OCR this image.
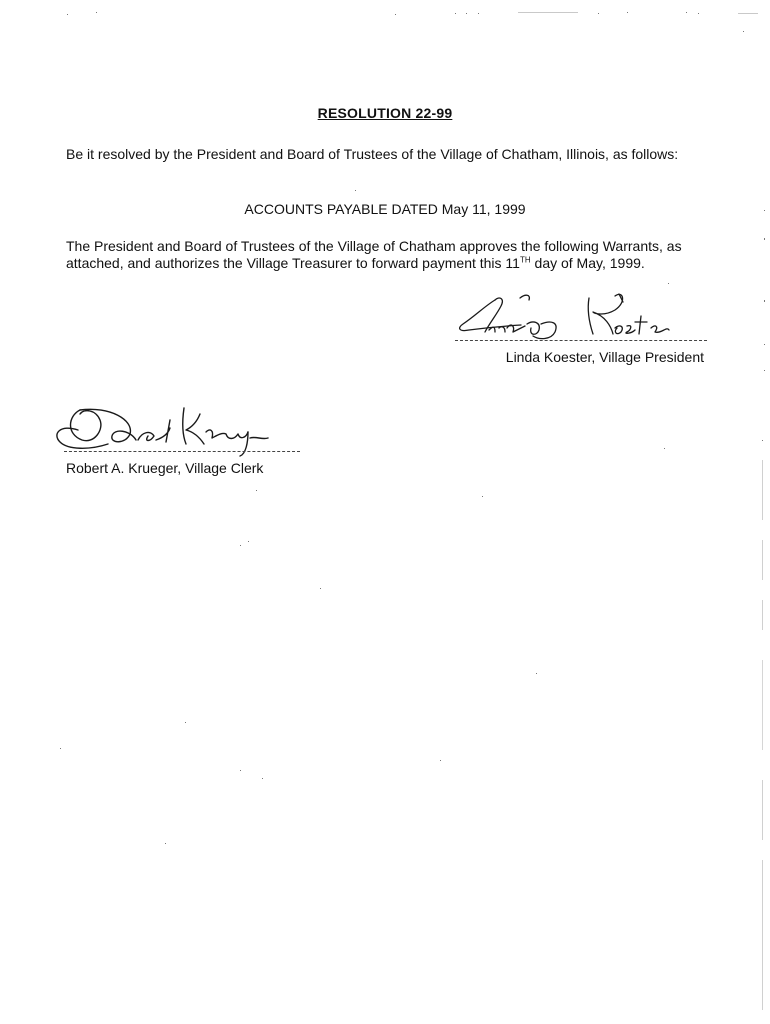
RESOLUTION 22-99
Be it resolved by the President and Board of Trustees of the Village of Chatham, Illinois, as follows:
ACCOUNTS PAYABLE DATED May 11, 1999
The President and Board of Trustees of the Village of Chatham approves the following Warrants, as attached, and authorizes the Village Treasurer to forward payment this 11TH day of May, 1999.
Linda Koester, Village President
Robert A. Krueger, Village Clerk
